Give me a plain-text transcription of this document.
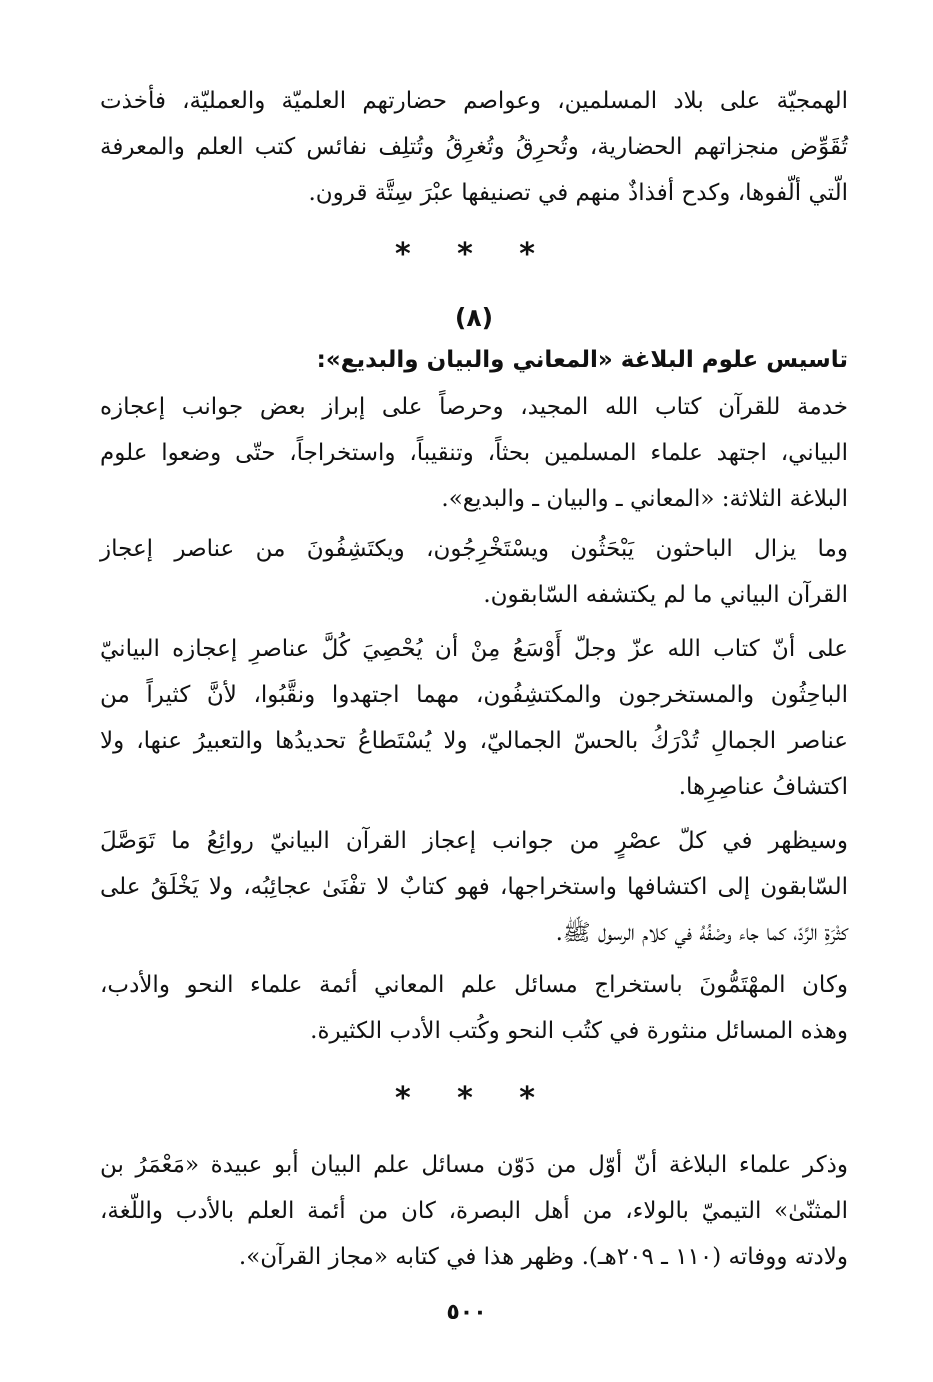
الهمجيّة على بلاد المسلمين، وعواصم حضارتهم العلميّة والعمليّة، فأخذت
تُقَوِّض منجزاتهم الحضارية، وتُحرِقُ وتُغرِقُ وتُتلِف نفائس كتب العلم والمعرفة
الّتي ألّفوها، وكدح أفذاذٌ منهم في تصنيفها عبْرَ سِتَّة قرون.
* * *
(٨)
تاسيس علوم البلاغة «المعاني والبيان والبديع»:
خدمة للقرآن كتاب الله المجيد، وحرصاً على إبراز بعض جوانب إعجازه
البياني، اجتهد علماء المسلمين بحثاً، وتنقيباً، واستخراجاً، حتّى وضعوا علوم
البلاغة الثلاثة: «المعاني ـ والبيان ـ والبديع».
وما يزال الباحثون يَبْحَثُون ويسْتَخْرِجُون، ويكتَشِفُونَ من عناصر إعجاز
القرآن البياني ما لم يكتشفه السّابقون.
على أنّ كتاب الله عزّ وجلّ أَوْسَعُ مِنْ أن يُحْصِيَ كُلَّ عناصرِ إعجازه البيانيّ
الباحِثُون والمستخرجون والمكتشِفُون، مهما اجتهدوا ونقَّبُوا، لأنَّ كثيراً من
عناصر الجمالِ تُدْرَكُ بالحسّ الجماليّ، ولا يُسْتَطاعُ تحديدُها والتعبيرُ عنها، ولا
اكتشافُ عناصِرِها.
وسيظهر في كلّ عصْرٍ من جوانب إعجاز القرآن البيانيّ روائِعُ ما تَوَصَّلَ
السّابقون إلى اكتشافها واستخراجها، فهو كتابٌ لا تفْنَىٰ عجائِبُه، ولا يَخْلَقُ على
كثْرَةِ الرَّدّ، كما جاء وصْفُهُ في كلام الرسول ﷺ.
وكان المهْتَمُّونَ باستخراج مسائل علم المعاني أئمة علماء النحو والأدب،
وهذه المسائل منثورة في كتُب النحو وكُتب الأدب الكثيرة.
* * *
وذكر علماء البلاغة أنّ أوّل من دَوّن مسائل علم البيان أبو عبيدة «مَعْمَرُ بن
المثنّىٰ» التيميّ بالولاء، من أهل البصرة، كان من أئمة العلم بالأدب واللّغة،
ولادته ووفاته (١١٠ ـ ٢٠٩هـ). وظهر هذا في كتابه «مجاز القرآن».
٥٠٠
